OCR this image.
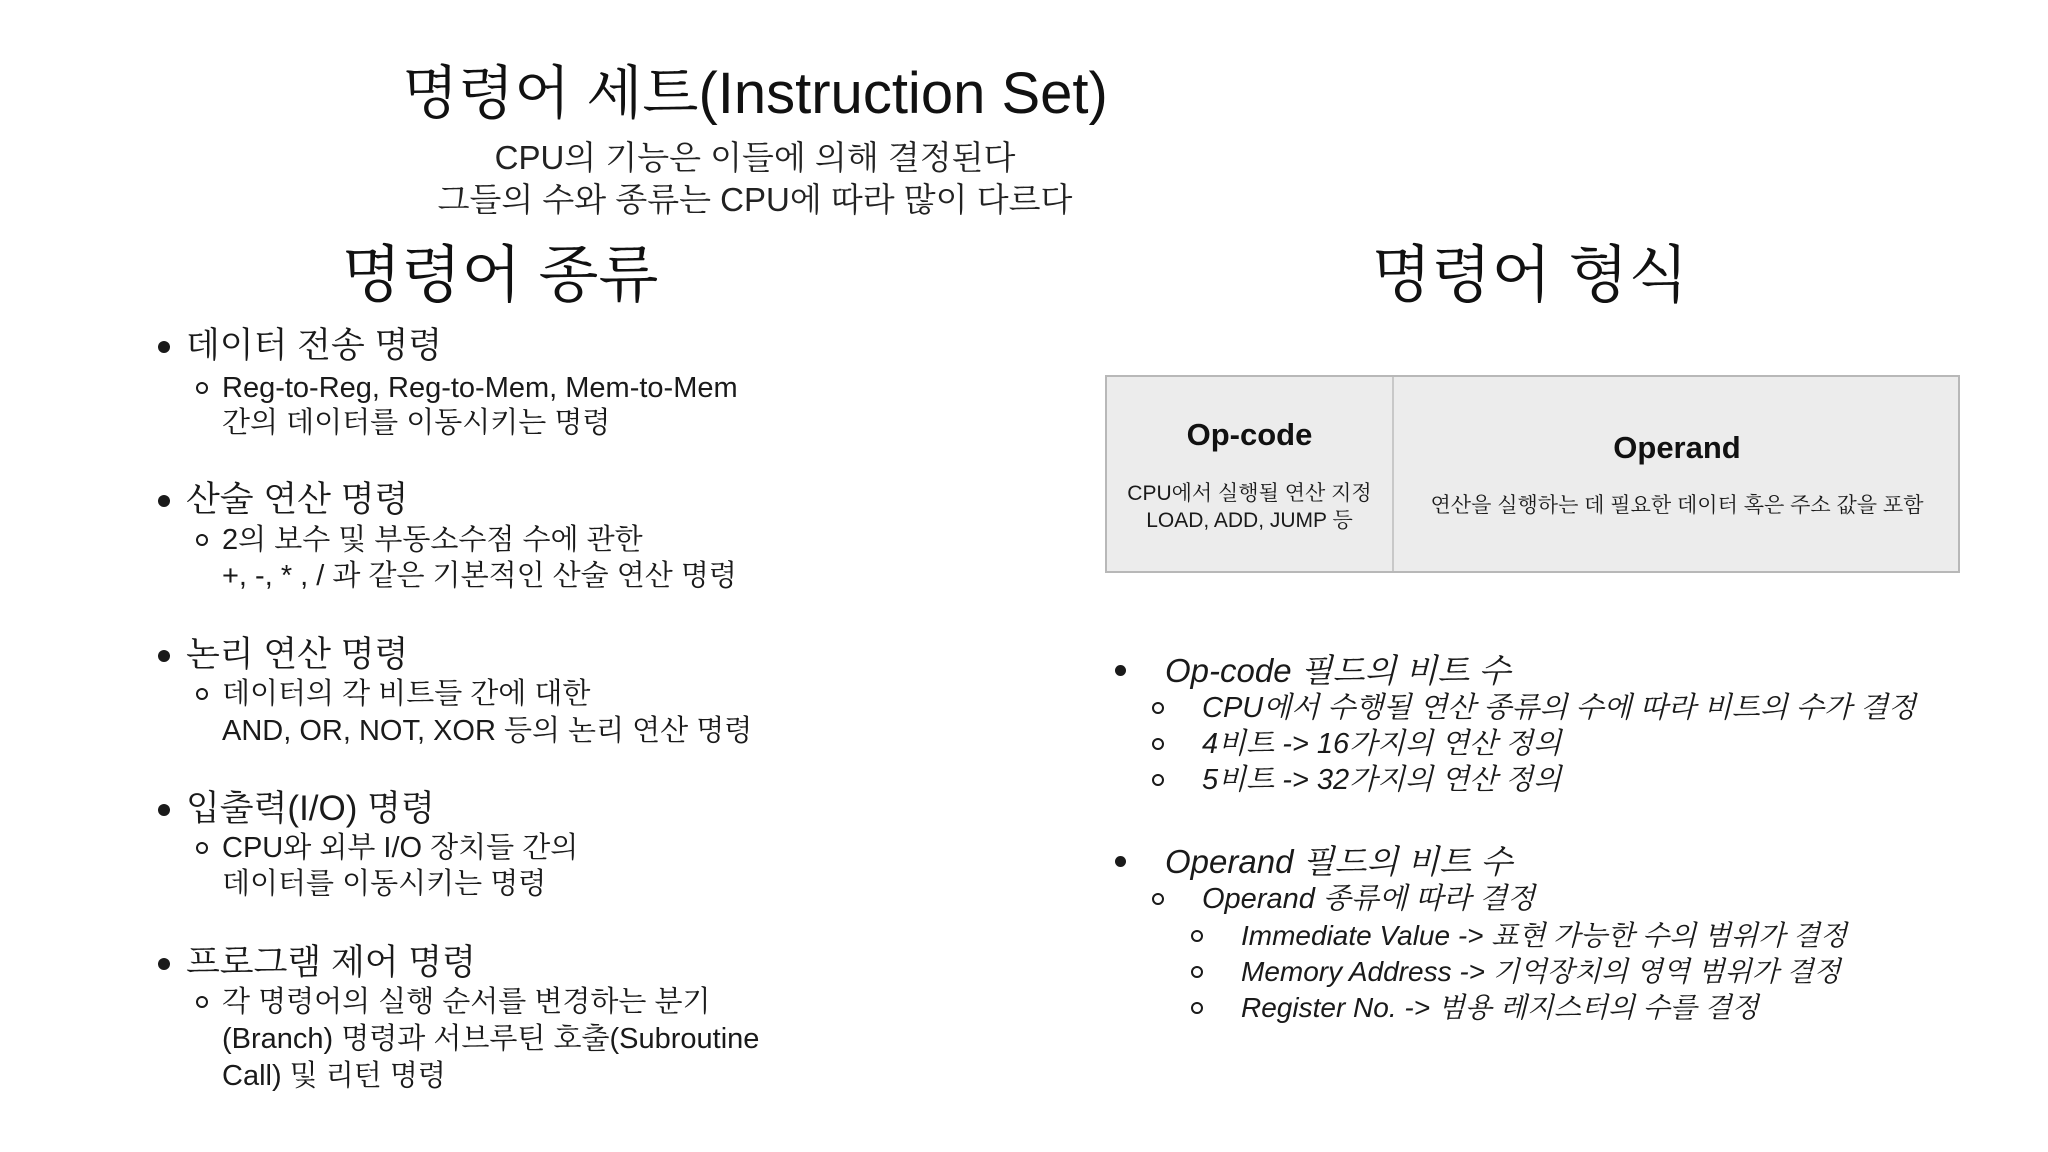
명령어 세트(Instruction Set)
CPU의 기능은 이들에 의해 결정된다
그들의 수와 종류는 CPU에 따라 많이 다르다
명령어 종류
데이터 전송 명령
Reg-to-Reg, Reg-to-Mem, Mem-to-Mem
간의 데이터를 이동시키는 명령
산술 연산 명령
2의 보수 및 부동소수점 수에 관한
+, -, * , / 과 같은 기본적인 산술 연산 명령
논리 연산 명령
데이터의 각 비트들 간에 대한
AND, OR, NOT, XOR 등의 논리 연산 명령
입출력(I/O) 명령
CPU와 외부 I/O 장치들 간의
데이터를 이동시키는 명령
프로그램 제어 명령
각 명령어의 실행 순서를 변경하는 분기
(Branch) 명령과 서브루틴 호출(Subroutine
Call) 및 리턴 명령
명령어 형식
Op-code
CPU에서 실행될 연산 지정
LOAD, ADD, JUMP 등
Operand
연산을 실행하는 데 필요한 데이터 혹은 주소 값을 포함
Op-code 필드의 비트 수
CPU에서 수행될 연산 종류의 수에 따라 비트의 수가 결정
4비트 -> 16가지의 연산 정의
5비트 -> 32가지의 연산 정의
Operand 필드의 비트 수
Operand 종류에 따라 결정
Immediate Value -> 표현 가능한 수의 범위가 결정
Memory Address -> 기억장치의 영역 범위가 결정
Register No. -> 범용 레지스터의 수를 결정
